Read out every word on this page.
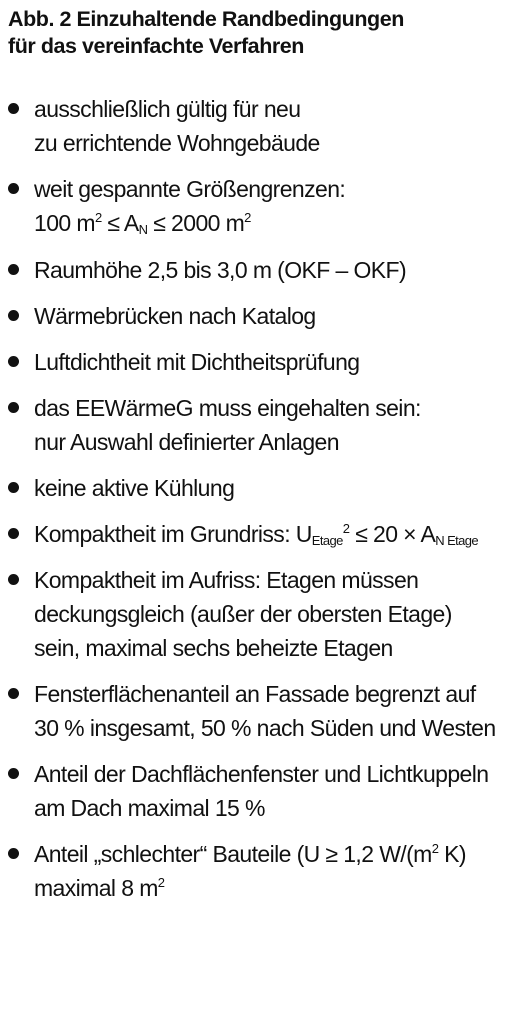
Abb. 2 Einzuhaltende Randbedingungen
für das vereinfachte Verfahren
ausschließlich gültig für neu
zu errichtende Wohngebäude
weit gespannte Größengrenzen:
100 $m^2 \le A_N \le 2000$ $m^2$
Raumhöhe 2,5 bis 3,0 m (OKF – OKF)
Wärmebrücken nach Katalog
Luftdichtheit mit Dichtheitsprüfung
das EEWärmeG muss eingehalten sein:
nur Auswahl definierter Anlagen
keine aktive Kühlung
Kompaktheit im Grundriss: $U_{Etage}^2 \le 20 \times A_{N Etage}$
Kompaktheit im Aufriss: Etagen müssen
deckungsgleich (außer der obersten Etage)
sein, maximal sechs beheizte Etagen
Fensterflächenanteil an Fassade begrenzt auf
30 % insgesamt, 50 % nach Süden und Westen
Anteil der Dachflächenfenster und Lichtkuppeln
am Dach maximal 15 %
Anteil „schlechter“ Bauteile (U ≥ 1,2 $W/(m^2$ K)
maximal 8 $m^2$
